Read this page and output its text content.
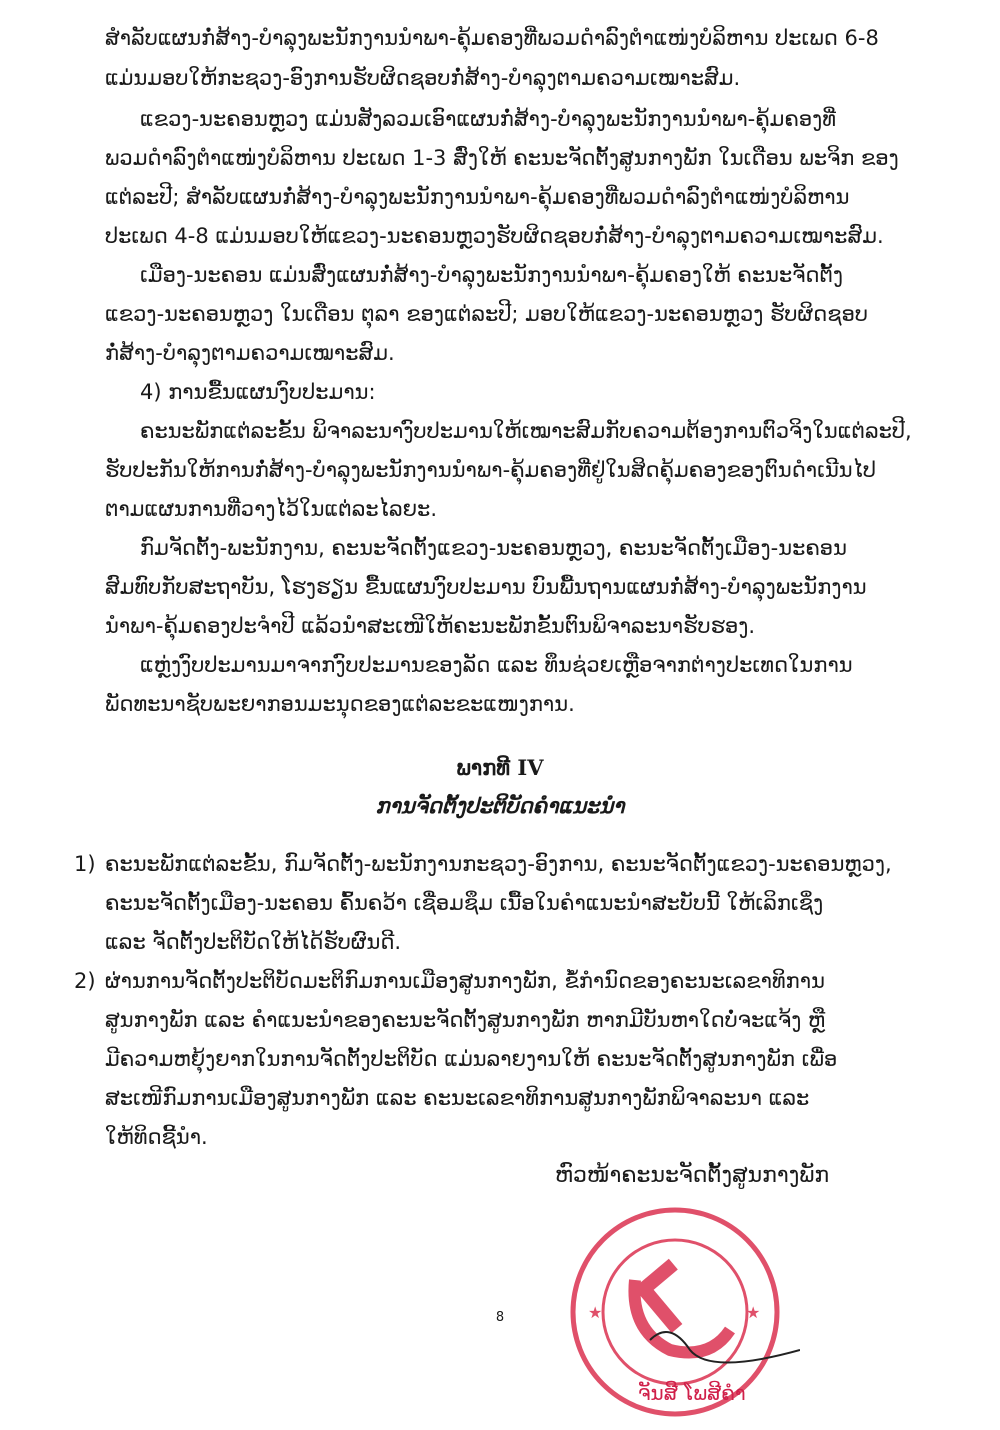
ສຳລັບແຜນກໍ່ສ້າງ-ບຳລຸງພະນັກງານນຳພາ-ຄຸ້ມຄອງທີ່ພວມດຳລົງຕຳແໜ່ງບໍລິຫານ ປະເພດ 6-8
ແມ່ນມອບໃຫ້ກະຊວງ-ອົງການຮັບຜິດຊອບກໍ່ສ້າງ-ບຳລຸງຕາມຄວາມເໝາະສົມ.
ແຂວງ-ນະຄອນຫຼວງ ແມ່ນສັງລວມເອົາແຜນກໍ່ສ້າງ-ບຳລຸງພະນັກງານນຳພາ-ຄຸ້ມຄອງທີ່
ພວມດຳລົງຕຳແໜ່ງບໍລິຫານ ປະເພດ 1-3 ສົ່ງໃຫ້ ຄະນະຈັດຕັ້ງສູນກາງພັກ ໃນເດືອນ ພະຈິກ ຂອງ
ແຕ່ລະປີ; ສຳລັບແຜນກໍ່ສ້າງ-ບຳລຸງພະນັກງານນຳພາ-ຄຸ້ມຄອງທີ່ພວມດຳລົງຕຳແໜ່ງບໍລິຫານ
ປະເພດ 4-8 ແມ່ນມອບໃຫ້ແຂວງ-ນະຄອນຫຼວງຮັບຜິດຊອບກໍ່ສ້າງ-ບຳລຸງຕາມຄວາມເໝາະສົມ.
ເມືອງ-ນະຄອນ ແມ່ນສົ່ງແຜນກໍ່ສ້າງ-ບຳລຸງພະນັກງານນຳພາ-ຄຸ້ມຄອງໃຫ້ ຄະນະຈັດຕັ້ງ
ແຂວງ-ນະຄອນຫຼວງ ໃນເດືອນ ຕຸລາ ຂອງແຕ່ລະປີ; ມອບໃຫ້ແຂວງ-ນະຄອນຫຼວງ ຮັບຜິດຊອບ
ກໍ່ສ້າງ-ບຳລຸງຕາມຄວາມເໝາະສົມ.
4) ການຂື້ນແຜນງົບປະມານ:
ຄະນະພັກແຕ່ລະຂັ້ນ ພິຈາລະນາງົບປະມານໃຫ້ເໝາະສົມກັບຄວາມຕ້ອງການຕົວຈິງໃນແຕ່ລະປີ,
ຮັບປະກັນໃຫ້ການກໍ່ສ້າງ-ບຳລຸງພະນັກງານນຳພາ-ຄຸ້ມຄອງທີ່ຢູ່ໃນສິດຄຸ້ມຄອງຂອງຕົນດຳເນີນໄປ
ຕາມແຜນການທີ່ວາງໄວ້ໃນແຕ່ລະໄລຍະ.
ກົມຈັດຕັ້ງ-ພະນັກງານ, ຄະນະຈັດຕັ້ງແຂວງ-ນະຄອນຫຼວງ, ຄະນະຈັດຕັ້ງເມືອງ-ນະຄອນ
ສົມທົບກັບສະຖາບັນ, ໂຮງຮຽນ ຂື້ນແຜນງົບປະມານ ບົນພື້ນຖານແຜນກໍ່ສ້າງ-ບຳລຸງພະນັກງານ
ນຳພາ-ຄຸ້ມຄອງປະຈຳປີ ແລ້ວນຳສະເໜີໃຫ້ຄະນະພັກຂັ້ນຕົນພິຈາລະນາຮັບຮອງ.
ແຫຼ່ງງົບປະມານມາຈາກງົບປະມານຂອງລັດ ແລະ ທຶນຊ່ວຍເຫຼືອຈາກຕ່າງປະເທດໃນການ
ພັດທະນາຊັບພະຍາກອນມະນຸດຂອງແຕ່ລະຂະແໜງການ.
ພາກທີ IV
ການຈັດຕັ້ງປະຕິບັດຄຳແນະນຳ
1) ຄະນະພັກແຕ່ລະຂັ້ນ, ກົມຈັດຕັ້ງ-ພະນັກງານກະຊວງ-ອົງການ, ຄະນະຈັດຕັ້ງແຂວງ-ນະຄອນຫຼວງ,
ຄະນະຈັດຕັ້ງເມືອງ-ນະຄອນ ຄົ້ນຄວ້າ ເຊື່ອມຊຶມ ເນື້ອໃນຄຳແນະນຳສະບັບນີ້ ໃຫ້ເລິກເຊິ່ງ
ແລະ ຈັດຕັ້ງປະຕິບັດໃຫ້ໄດ້ຮັບຜົນດີ.
2) ຜ່ານການຈັດຕັ້ງປະຕິບັດມະຕິກົມການເມືອງສູນກາງພັກ, ຂໍ້ກຳນົດຂອງຄະນະເລຂາທິການ
ສູນກາງພັກ ແລະ ຄຳແນະນຳຂອງຄະນະຈັດຕັ້ງສູນກາງພັກ ຫາກມີບັນຫາໃດບໍ່ຈະແຈ້ງ ຫຼື
ມີຄວາມຫຍຸ້ງຍາກໃນການຈັດຕັ້ງປະຕິບັດ ແມ່ນລາຍງານໃຫ້ ຄະນະຈັດຕັ້ງສູນກາງພັກ ເພື່ອ
ສະເໜີກົມການເມືອງສູນກາງພັກ ແລະ ຄະນະເລຂາທິການສູນກາງພັກພິຈາລະນາ ແລະ
ໃຫ້ທິດຊີ້ນຳ.
ຫົວໜ້າຄະນະຈັດຕັ້ງສູນກາງພັກ
★	★
8
ຈັນສີ ໂພສີຄຳ
